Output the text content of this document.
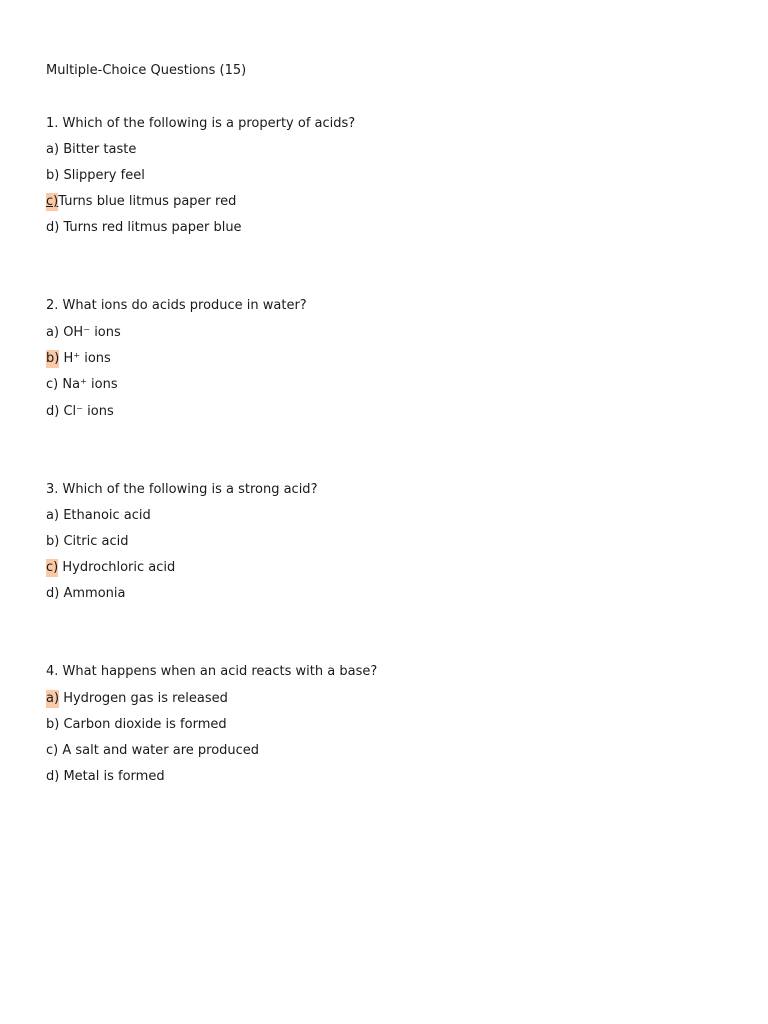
Multiple-Choice Questions (15)
1. Which of the following is a property of acids?
a) Bitter taste
b) Slippery feel
c)Turns blue litmus paper red
d) Turns red litmus paper blue
2. What ions do acids produce in water?
a) OH⁻ ions
b) H⁺ ions
c) Na⁺ ions
d) Cl⁻ ions
3. Which of the following is a strong acid?
a) Ethanoic acid
b) Citric acid
c) Hydrochloric acid
d) Ammonia
4. What happens when an acid reacts with a base?
a) Hydrogen gas is released
b) Carbon dioxide is formed
c) A salt and water are produced
d) Metal is formed
